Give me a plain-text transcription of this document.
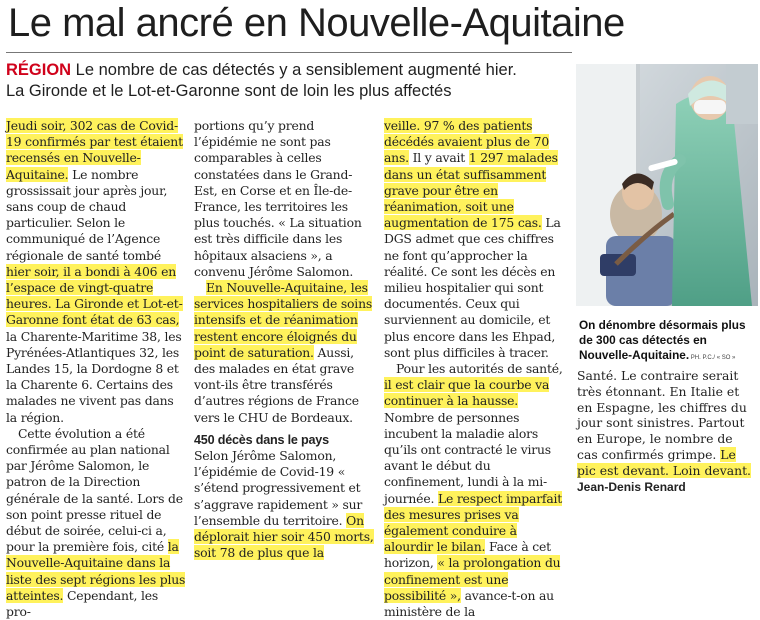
Le mal ancré en Nouvelle-Aquitaine
RÉGION Le nombre de cas détectés y a sensiblement augmenté hier.
La Gironde et le Lot-et-Garonne sont de loin les plus affectés

Jeudi soir, 302 cas de Covid-19 confirmés par test étaient recensés en Nouvelle-Aquitaine. Le nombre grossissait jour après jour, sans coup de chaud particulier. Selon le communiqué de l’Agence régionale de santé tombé hier soir, il a bondi à 406 en l’espace de vingt-quatre heures. La Gironde et Lot-et-Garonne font état de 63 cas, la Charente-Maritime 38, les Pyrénées-Atlantiques 32, les Landes 15, la Dordogne 8 et la Charente 6. Certains des malades ne vivent pas dans la région.

Cette évolution a été confirmée au plan national par Jérôme Salomon, le patron de la Direction générale de la santé. Lors de son point presse rituel de début de soirée, celui-ci a, pour la première fois, cité la Nouvelle-Aquitaine dans la liste des sept régions les plus atteintes. Cependant, les pro-

portions qu’y prend l’épidémie ne sont pas comparables à celles constatées dans le Grand-Est, en Corse et en Île-de-France, les territoires les plus touchés. « La situation est très difficile dans les hôpitaux alsaciens », a convenu Jérôme Salomon.

En Nouvelle-Aquitaine, les services hospitaliers de soins intensifs et de réanimation restent encore éloignés du point de saturation. Aussi, des malades en état grave vont-ils être transférés d’autres régions de France vers le CHU de Bordeaux.

450 décès dans le pays

Selon Jérôme Salomon, l’épidémie de Covid-19 « s’étend progressivement et s’aggrave rapidement » sur l’ensemble du territoire. On déplorait hier soir 450 morts, soit 78 de plus que la

veille. 97 % des patients décédés avaient plus de 70 ans. Il y avait 1 297 malades dans un état suffisamment grave pour être en réanimation, soit une augmentation de 175 cas. La DGS admet que ces chiffres ne font qu’approcher la réalité. Ce sont les décès en milieu hospitalier qui sont documentés. Ceux qui surviennent au domicile, et plus encore dans les Ehpad, sont plus difficiles à tracer.

Pour les autorités de santé, il est clair que la courbe va continuer à la hausse. Nombre de personnes incubent la maladie alors qu’ils ont contracté le virus avant le début du confinement, lundi à la mi-journée. Le respect imparfait des mesures prises va également conduire à alourdir le bilan. Face à cet horizon, « la prolongation du confinement est une possibilité », avance-t-on au ministère de la

On dénombre désormais plus de 300 cas détectés en Nouvelle-Aquitaine. PH. P.C./ « SO »

Santé. Le contraire serait très étonnant. En Italie et en Espagne, les chiffres du jour sont sinistres. Partout en Europe, le nombre de cas confirmés grimpe. Le pic est devant. Loin devant.
Jean-Denis Renard
